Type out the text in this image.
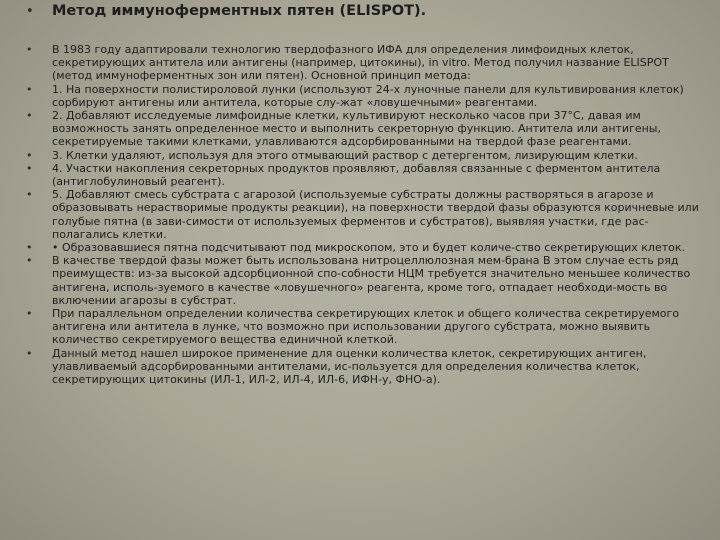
•	Метод иммуноферментных пятен (ELISPOT).
•	В 1983 году адаптировали технологию твердофазного ИФА для определения лимфоидных клеток, секретирующих антитела или антигены (например, цитокины), in vitro. Метод получил название ELISPOT (метод иммуноферментных зон или пятен). Основной принцип метода:
•	1. На поверхности полистироловой лунки (используют 24-х луночные панели для культивирования клеток) сорбируют антигены или антитела, которые слу-жат «ловушечными» реагентами.
•	2. Добавляют исследуемые лимфоидные клетки, культивируют несколько часов при 37°С, давая им возможность занять определенное место и выполнить секреторную функцию. Антитела или антигены, секретируемые такими клетками, улавливаются адсорбированными на твердой фазе реагентами.
•	3. Клетки удаляют, используя для этого отмывающий раствор с детергентом, лизирующим клетки.
•	4. Участки накопления секреторных продуктов проявляют, добавляя связанные с ферментом антитела (антиглобулиновый реагент).
•	5. Добавляют смесь субстрата с агарозой (используемые субстраты должны растворяться в агарозе и образовывать нерастворимые продукты реакции), на поверхности твердой фазы образуются коричневые или голубые пятна (в зави-симости от используемых ферментов и субстратов), выявляя участки, где рас-полагались клетки.
•	• Образовавшиеся пятна подсчитывают под микроскопом, это и будет количе-ство секретирующих клеток.
•	В качестве твердой фазы может быть использована нитроцеллюлозная мем-брана В этом случае есть ряд преимуществ: из-за высокой адсорбционной спо-собности НЦМ требуется значительно меньшее количество антигена, исполь-зуемого в качестве «ловушечного» реагента, кроме того, отпадает необходи-мость во включении агарозы в субстрат.
•	При параллельном определении количества секретирующих клеток и общего количества секретируемого антигена или антитела в лунке, что возможно при использовании другого субстрата, можно выявить количество секретируемого вещества единичной клеткой.
•	Данный метод нашел широкое применение для оценки количества клеток, секретирующих антиген, улавливаемый адсорбированными антителами, ис-пользуется для определения количества клеток, секретирующих цитокины (ИЛ-1, ИЛ-2, ИЛ-4, ИЛ-6, ИФН-у, ФНО-а).
